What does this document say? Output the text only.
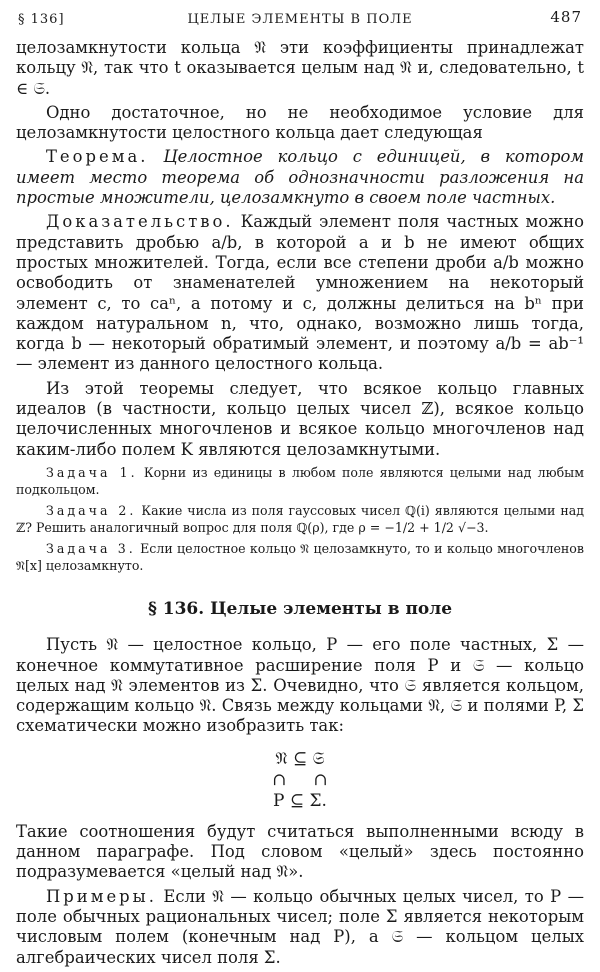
§ 136]	ЦЕЛЫЕ ЭЛЕМЕНТЫ В ПОЛЕ	487

целозамкнутости кольца 𝔑 эти коэффициенты принадлежат кольцу 𝔑, так что t оказывается целым над 𝔑 и, следовательно, t ∈ 𝔖.

Одно достаточное, но не необходимое условие для целозамкнутости целостного кольца дает следующая

Теорема. Целостное кольцо с единицей, в котором имеет место теорема об однозначности разложения на простые множители, целозамкнуто в своем поле частных.

Доказательство. Каждый элемент поля частных можно представить дробью a/b, в которой a и b не имеют общих простых множителей. Тогда, если все степени дроби a/b можно освободить от знаменателей умножением на некоторый элемент c, то caⁿ, а потому и c, должны делиться на bⁿ при каждом натуральном n, что, однако, возможно лишь тогда, когда b — некоторый обратимый элемент, и поэтому a/b = ab⁻¹ — элемент из данного целостного кольца.

Из этой теоремы следует, что всякое кольцо главных идеалов (в частности, кольцо целых чисел ℤ), всякое кольцо целочисленных многочленов и всякое кольцо многочленов над каким-либо полем K являются целозамкнутыми.

Задача 1. Корни из единицы в любом поле являются целыми над любым подкольцом.

Задача 2. Какие числа из поля гауссовых чисел ℚ(i) являются целыми над ℤ? Решить аналогичный вопрос для поля ℚ(ρ), где ρ = −1/2 + 1/2 √−3.

Задача 3. Если целостное кольцо 𝔑 целозамкнуто, то и кольцо многочленов 𝔑[x] целозамкнуто.

§ 136. Целые элементы в поле

Пусть 𝔑 — целостное кольцо, P — его поле частных, Σ — конечное коммутативное расширение поля P и 𝔖 — кольцо целых над 𝔑 элементов из Σ. Очевидно, что 𝔖 является кольцом, содержащим кольцо 𝔑. Связь между кольцами 𝔑, 𝔖 и полями P, Σ схематически можно изобразить так:

𝔑 ⊆ 𝔖
∩     ∩
P ⊆ Σ.

Такие соотношения будут считаться выполненными всюду в данном параграфе. Под словом «целый» здесь постоянно подразумевается «целый над 𝔑».

Примеры. Если 𝔑 — кольцо обычных целых чисел, то P — поле обычных рациональных чисел; поле Σ является некоторым числовым полем (конечным над P), а 𝔖 — кольцом целых алгебраических чисел поля Σ.
